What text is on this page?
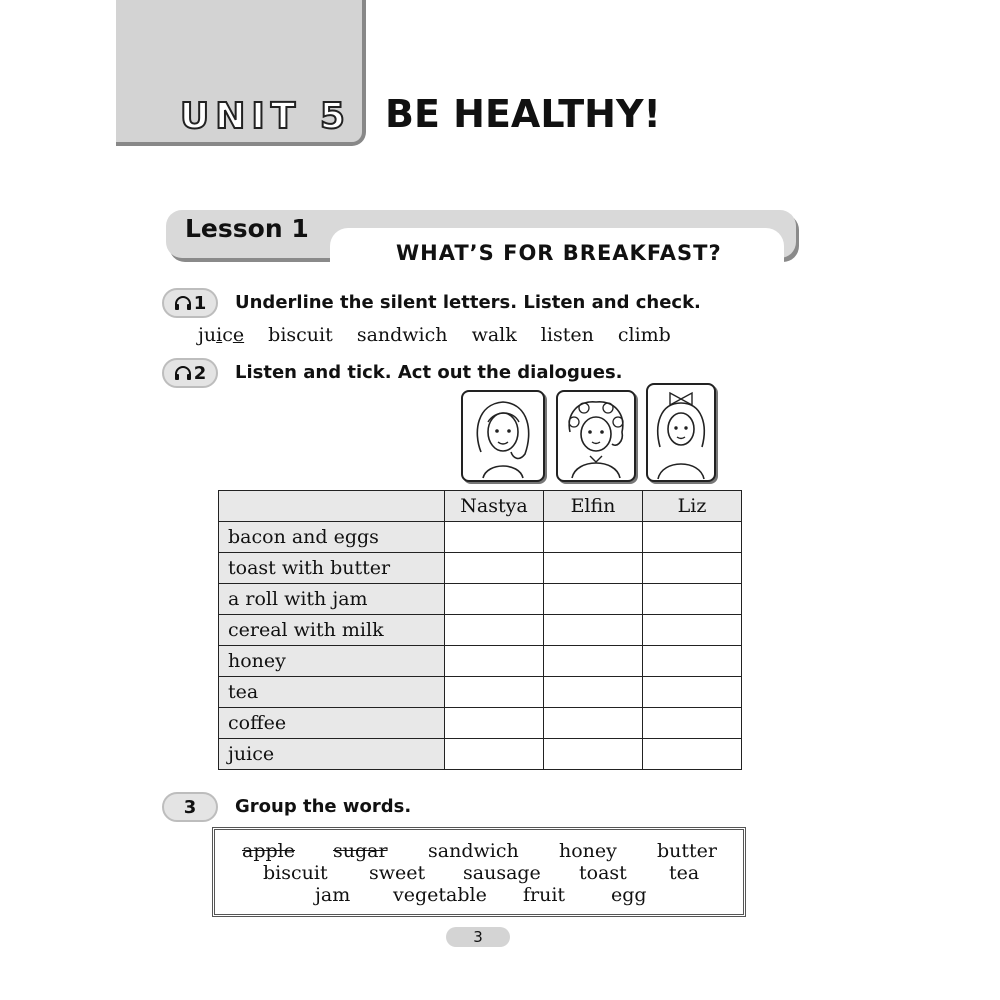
UNIT 5 BE HEALTHY!
Lesson 1
WHAT’S FOR BREAKFAST?
1 Underline the silent letters. Listen and check.
juice biscuit sandwich walk listen climb
2 Listen and tick. Act out the dialogues.
	Nastya	Elfin	Liz
bacon and eggs			
toast with butter			
a roll with jam			
cereal with milk			
honey			
tea			
coffee			
juice			
3 Group the words.
apple sugar sandwich honey butter
biscuit sweet sausage toast tea
jam vegetable fruit egg
3
